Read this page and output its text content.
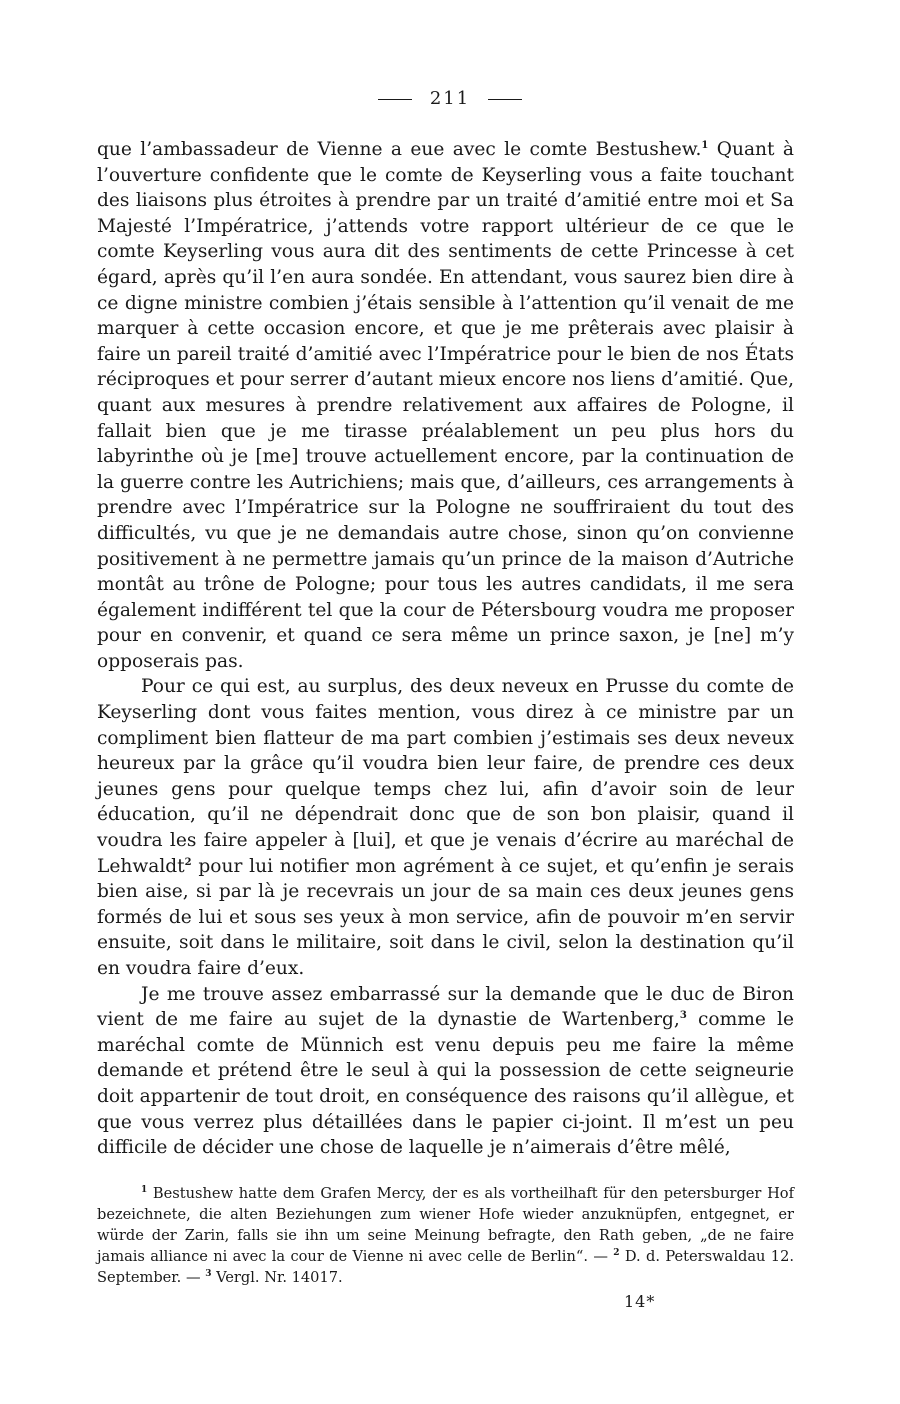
211

que l’ambassadeur de Vienne a eue avec le comte Bestushew.$^1$ Quant à l’ouverture confidente que le comte de Keyserling vous a faite touchant des liaisons plus étroites à prendre par un traité d’amitié entre moi et Sa Majesté l’Impératrice, j’attends votre rapport ultérieur de ce que le comte Keyserling vous aura dit des sentiments de cette Princesse à cet égard, après qu’il l’en aura sondée. En attendant, vous saurez bien dire à ce digne ministre combien j’étais sensible à l’attention qu’il venait de me marquer à cette occasion encore, et que je me prêterais avec plaisir à faire un pareil traité d’amitié avec l’Impératrice pour le bien de nos États réciproques et pour serrer d’autant mieux encore nos liens d’amitié. Que, quant aux mesures à prendre relativement aux affaires de Pologne, il fallait bien que je me tirasse préalablement un peu plus hors du labyrinthe où je [me] trouve actuellement encore, par la continuation de la guerre contre les Autrichiens; mais que, d’ailleurs, ces arrangements à prendre avec l’Impératrice sur la Pologne ne souffriraient du tout des difficultés, vu que je ne demandais autre chose, sinon qu’on convienne positivement à ne permettre jamais qu’un prince de la maison d’Autriche montât au trône de Pologne; pour tous les autres candidats, il me sera également indifférent tel que la cour de Pétersbourg voudra me proposer pour en convenir, et quand ce sera même un prince saxon, je [ne] m’y opposerais pas.

Pour ce qui est, au surplus, des deux neveux en Prusse du comte de Keyserling dont vous faites mention, vous direz à ce ministre par un compliment bien flatteur de ma part combien j’estimais ses deux neveux heureux par la grâce qu’il voudra bien leur faire, de prendre ces deux jeunes gens pour quelque temps chez lui, afin d’avoir soin de leur éducation, qu’il ne dépendrait donc que de son bon plaisir, quand il voudra les faire appeler à [lui], et que je venais d’écrire au maréchal de Lehwaldt$^2$ pour lui notifier mon agrément à ce sujet, et qu’enfin je serais bien aise, si par là je recevrais un jour de sa main ces deux jeunes gens formés de lui et sous ses yeux à mon service, afin de pouvoir m’en servir ensuite, soit dans le militaire, soit dans le civil, selon la destination qu’il en voudra faire d’eux.

Je me trouve assez embarrassé sur la demande que le duc de Biron vient de me faire au sujet de la dynastie de Wartenberg,$^3$ comme le maréchal comte de Münnich est venu depuis peu me faire la même demande et prétend être le seul à qui la possession de cette seigneurie doit appartenir de tout droit, en conséquence des raisons qu’il allègue, et que vous verrez plus détaillées dans le papier ci-joint. Il m’est un peu difficile de décider une chose de laquelle je n’aimerais d’être mêlé,

$^1$ Bestushew hatte dem Grafen Mercy, der es als vortheilhaft für den petersburger Hof bezeichnete, die alten Beziehungen zum wiener Hofe wieder anzuknüpfen, entgegnet, er würde der Zarin, falls sie ihn um seine Meinung befragte, den Rath geben, „de ne faire jamais alliance ni avec la cour de Vienne ni avec celle de Berlin“. — $^2$ D. d. Peterswaldau 12. September. — $^3$ Vergl. Nr. 14017.

14*
